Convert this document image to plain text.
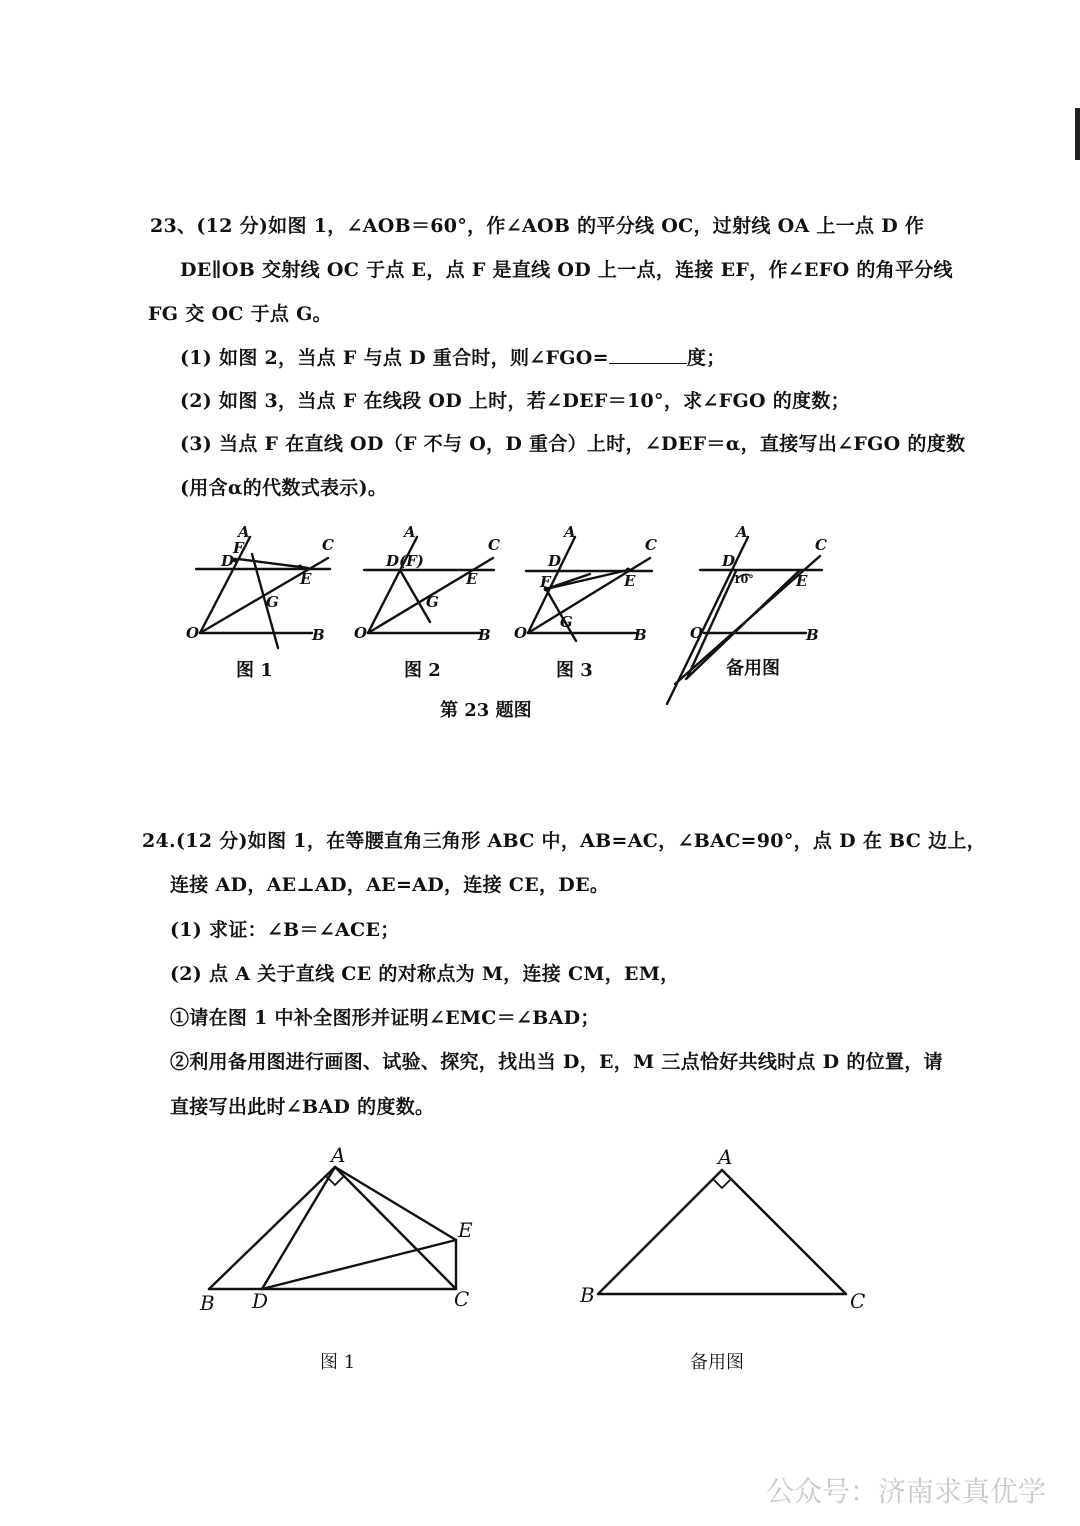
23、(12 分)如图 1，∠AOB＝60°，作∠AOB 的平分线 OC，过射线 OA 上一点 D 作
DE∥OB 交射线 OC 于点 E，点 F 是直线 OD 上一点，连接 EF，作∠EFO 的角平分线
FG 交 OC 于点 G。
(1) 如图 2，当点 F 与点 D 重合时，则∠FGO=	度；
(2) 如图 3，当点 F 在线段 OD 上时，若∠DEF＝10°，求∠FGO 的度数；
(3) 当点 F 在直线 OD（F 不与 O，D 重合）上时，∠DEF＝α，直接写出∠FGO 的度数
(用含α的代数式表示)。
A
F
D
C
E
G
O	B
A
D(F)
C
E
G
O	B
A
D
C
E
F
G
O	B
A
D
C
E
O	B
10°
A
B D	C
E
A
B	C
图 1	图 2	图 3	备用图
第 23 题图
24.(12 分)如图 1，在等腰直角三角形 ABC 中，AB=AC，∠BAC=90°，点 D 在 BC 边上，
连接 AD，AE⊥AD，AE=AD，连接 CE，DE。
(1) 求证：∠B＝∠ACE；
(2) 点 A 关于直线 CE 的对称点为 M，连接 CM，EM，
①请在图 1 中补全图形并证明∠EMC＝∠BAD；
②利用备用图进行画图、试验、探究，找出当 D，E，M 三点恰好共线时点 D 的位置，请
直接写出此时∠BAD 的度数。
图 1	备用图
公众号：济南求真优学
